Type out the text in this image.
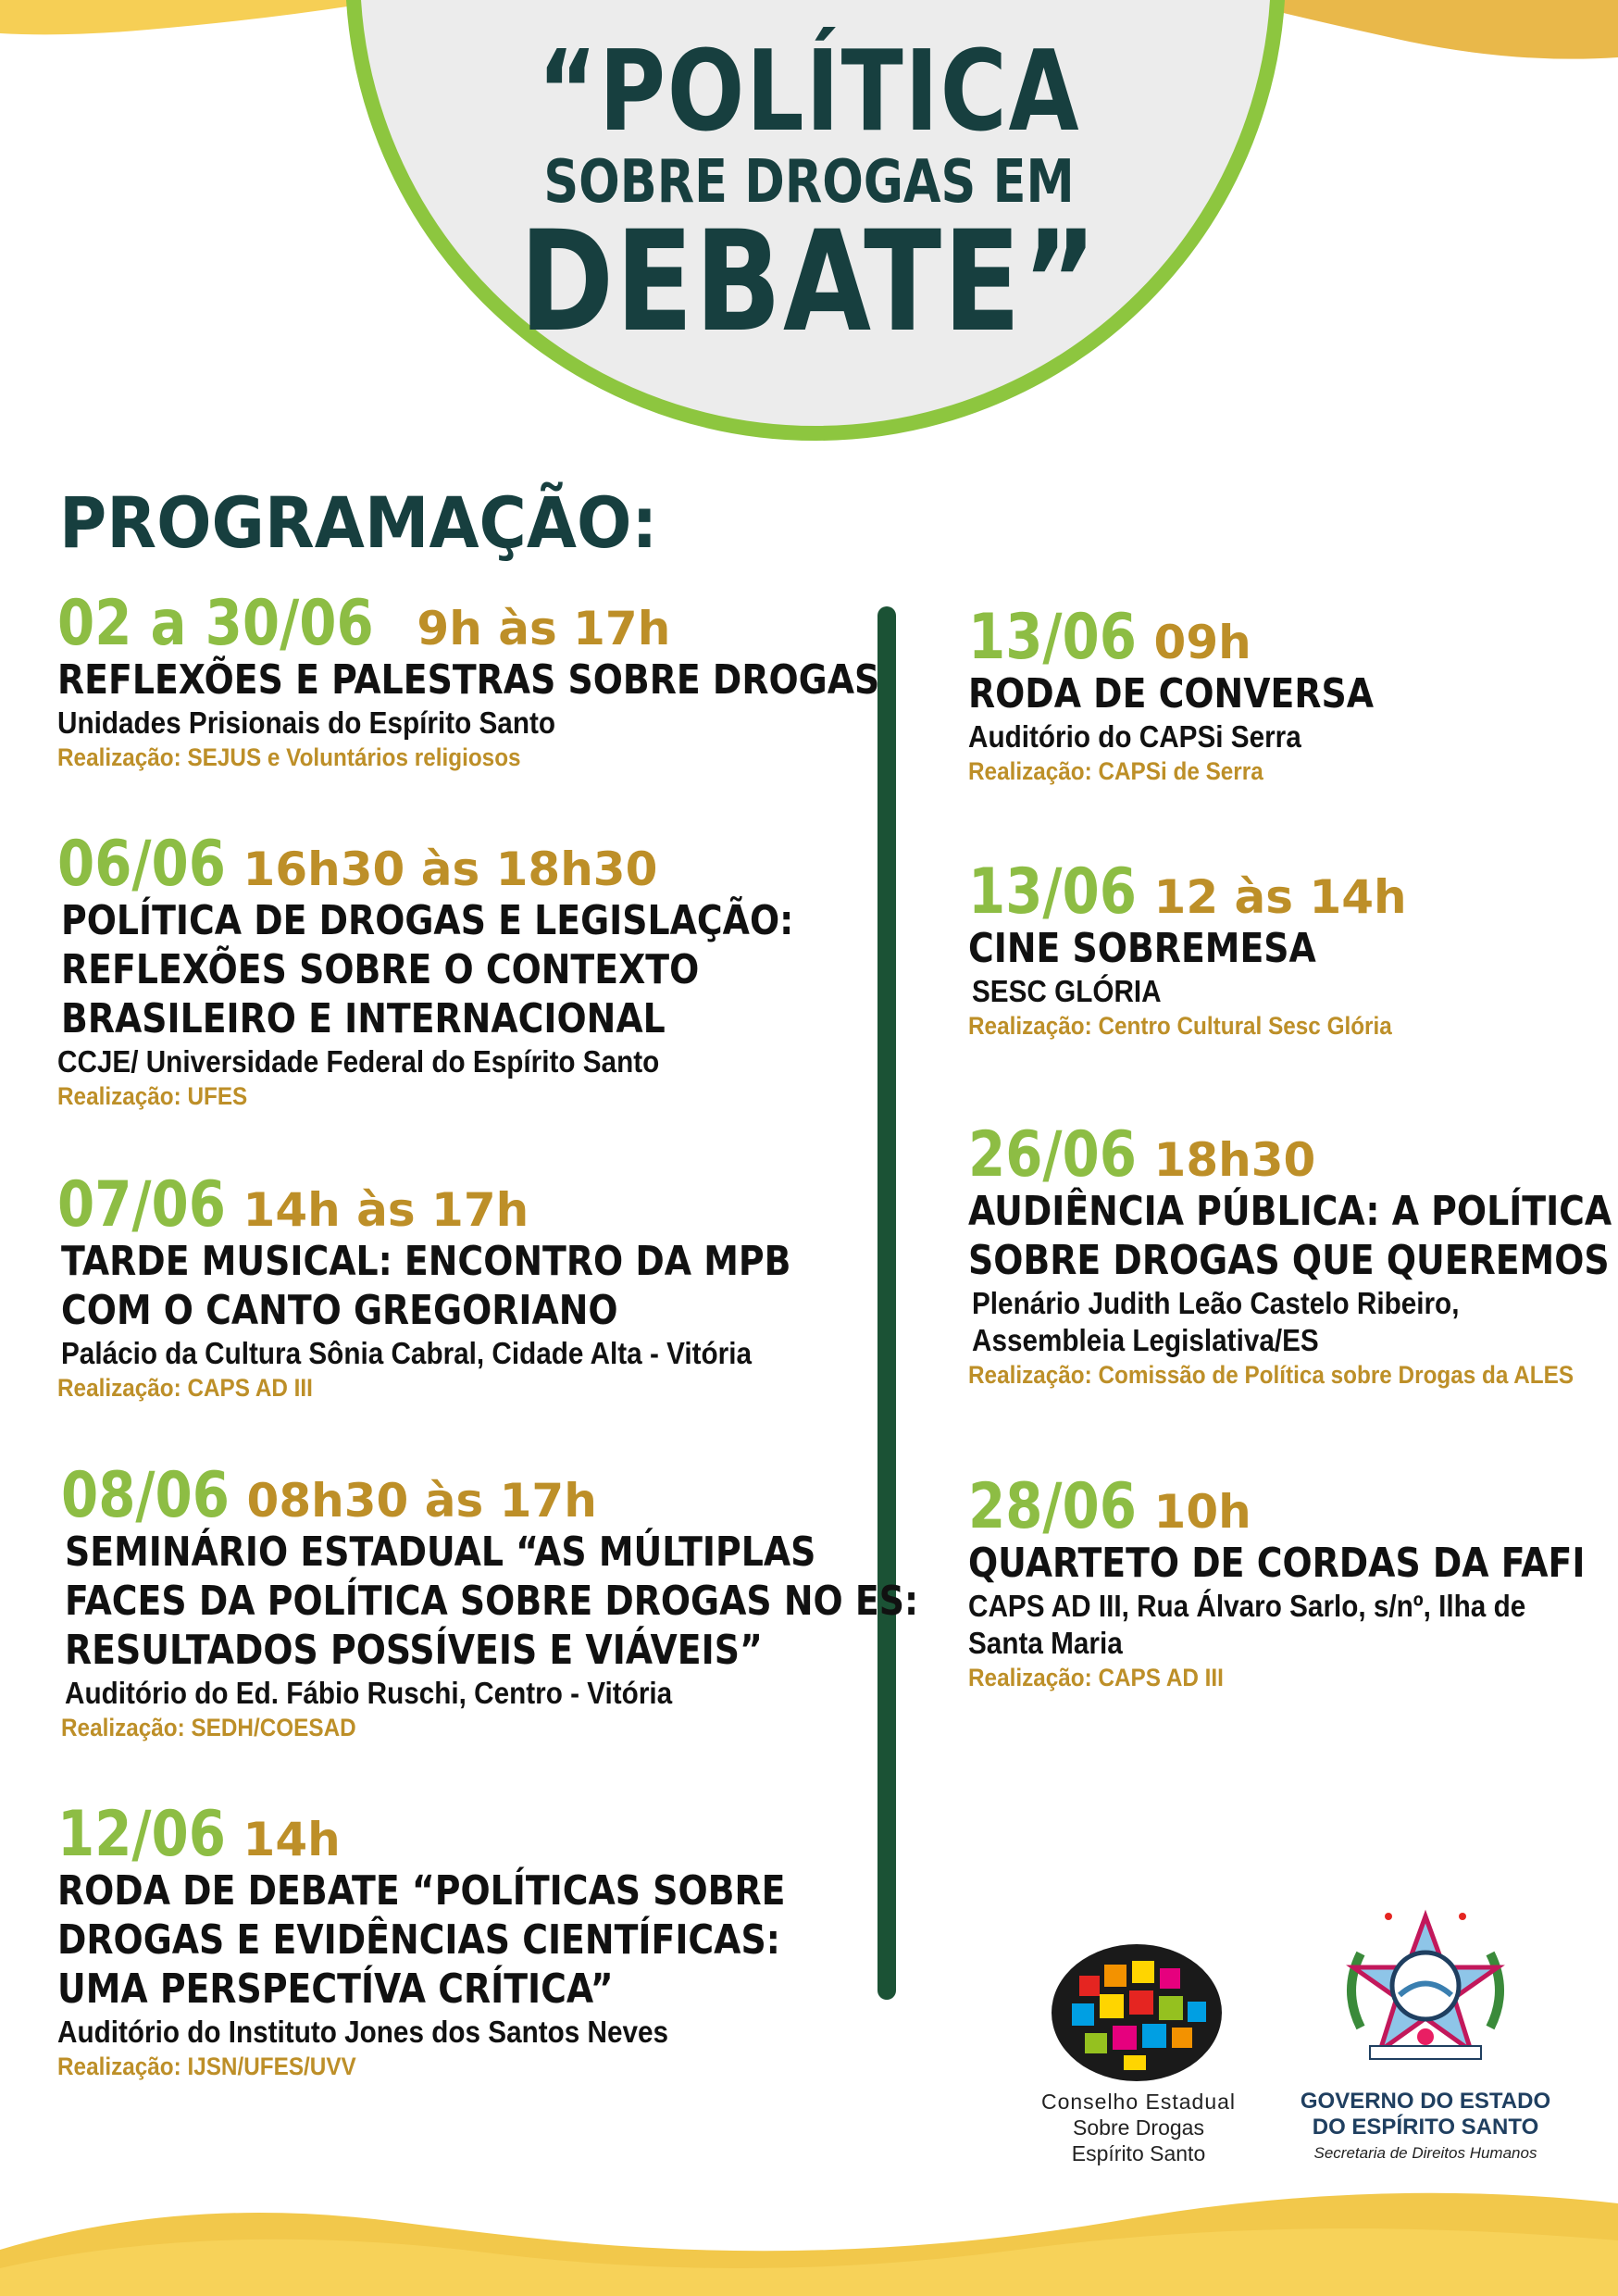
“POLÍTICA
SOBRE DROGAS EM
DEBATE”
PROGRAMAÇÃO:
02 a 30/06 9h às 17h
REFLEXÕES E PALESTRAS SOBRE DROGAS
Unidades Prisionais do Espírito Santo
Realização: SEJUS e Voluntários religiosos
06/06 16h30 às 18h30
POLÍTICA DE DROGAS E LEGISLAÇÃO:
REFLEXÕES SOBRE O CONTEXTO
BRASILEIRO E INTERNACIONAL
CCJE/ Universidade Federal do Espírito Santo
Realização: UFES
07/06 14h às 17h
TARDE MUSICAL: ENCONTRO DA MPB
COM O CANTO GREGORIANO
Palácio da Cultura Sônia Cabral, Cidade Alta - Vitória
Realização: CAPS AD III
08/06 08h30 às 17h
SEMINÁRIO ESTADUAL “AS MÚLTIPLAS
FACES DA POLÍTICA SOBRE DROGAS NO ES:
RESULTADOS POSSÍVEIS E VIÁVEIS”
Auditório do Ed. Fábio Ruschi, Centro - Vitória
Realização: SEDH/COESAD
12/06 14h
RODA DE DEBATE “POLÍTICAS SOBRE
DROGAS E EVIDÊNCIAS CIENTÍFICAS:
UMA PERSPECTÍVA CRÍTICA”
Auditório do Instituto Jones dos Santos Neves
Realização: IJSN/UFES/UVV
13/06 09h
RODA DE CONVERSA
Auditório do CAPSi Serra
Realização: CAPSi de Serra
13/06 12 às 14h
CINE SOBREMESA
SESC GLÓRIA
Realização: Centro Cultural Sesc Glória
26/06 18h30
AUDIÊNCIA PÚBLICA: A POLÍTICA
SOBRE DROGAS QUE QUEREMOS
Plenário Judith Leão Castelo Ribeiro,
Assembleia Legislativa/ES
Realização: Comissão de Política sobre Drogas da ALES
28/06 10h
QUARTETO DE CORDAS DA FAFI
CAPS AD III, Rua Álvaro Sarlo, s/nº, Ilha de
Santa Maria
Realização: CAPS AD III
Conselho Estadual
Sobre Drogas
Espírito Santo
GOVERNO DO ESTADO
DO ESPÍRITO SANTO
Secretaria de Direitos Humanos
